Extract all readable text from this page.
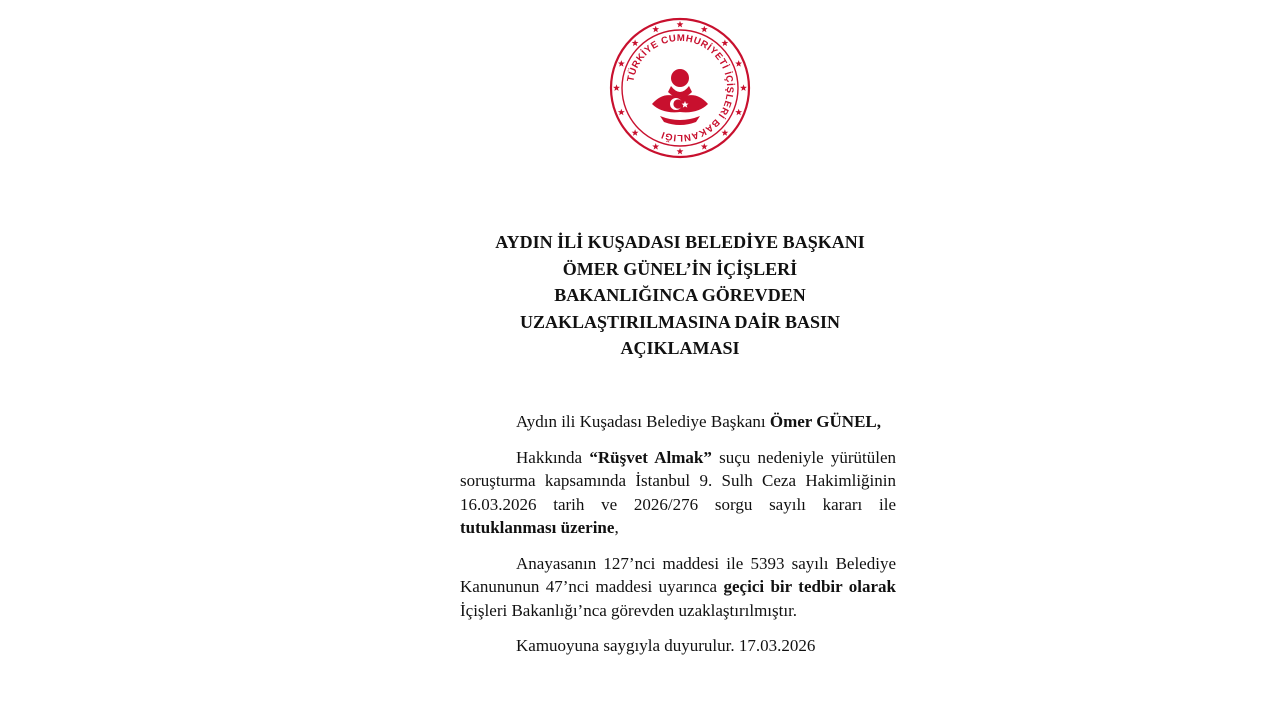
TÜRKİYE CUMHURİYETİ İÇİŞLERİ BAKANLIĞI
AYDIN İLİ KUŞADASI BELEDİYE BAŞKANI
ÖMER GÜNEL’İN İÇİŞLERİ
BAKANLIĞINCA GÖREVDEN
UZAKLAŞTIRILMASINA DAİR BASIN
AÇIKLAMASI

Aydın ili Kuşadası Belediye Başkanı Ömer GÜNEL,

Hakkında “Rüşvet Almak” suçu nedeniyle yürütülen soruşturma kapsamında İstanbul 9. Sulh Ceza Hakimliğinin 16.03.2026 tarih ve 2026/276 sorgu sayılı kararı ile tutuklanması üzerine,

Anayasanın 127’nci maddesi ile 5393 sayılı Belediye Kanununun 47’nci maddesi uyarınca geçici bir tedbir olarak İçişleri Bakanlığı’nca görevden uzaklaştırılmıştır.

Kamuoyuna saygıyla duyurulur. 17.03.2026
